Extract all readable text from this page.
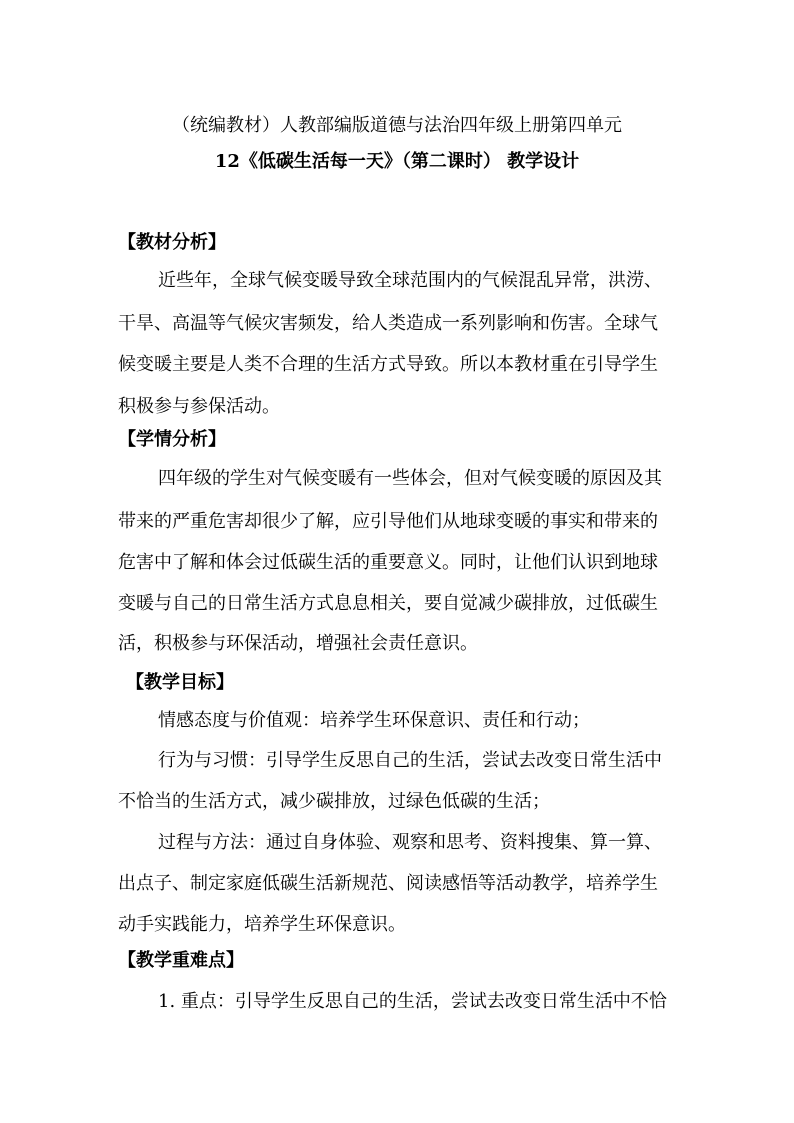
（统编教材）人教部编版道德与法治四年级上册第四单元
12《低碳生活每一天》（第二课时） 教学设计
【教材分析】
近些年，全球气候变暖导致全球范围内的气候混乱异常，洪涝、
干旱、高温等气候灾害频发，给人类造成一系列影响和伤害。全球气
候变暖主要是人类不合理的生活方式导致。所以本教材重在引导学生
积极参与参保活动。
【学情分析】
四年级的学生对气候变暖有一些体会，但对气候变暖的原因及其
带来的严重危害却很少了解，应引导他们从地球变暖的事实和带来的
危害中了解和体会过低碳生活的重要意义。同时，让他们认识到地球
变暖与自己的日常生活方式息息相关，要自觉减少碳排放，过低碳生
活，积极参与环保活动，增强社会责任意识。
【教学目标】
情感态度与价值观：培养学生环保意识、责任和行动；
行为与习惯：引导学生反思自己的生活，尝试去改变日常生活中
不恰当的生活方式，减少碳排放，过绿色低碳的生活；
过程与方法：通过自身体验、观察和思考、资料搜集、算一算、
出点子、制定家庭低碳生活新规范、阅读感悟等活动教学，培养学生
动手实践能力，培养学生环保意识。
【教学重难点】
1. 重点：引导学生反思自己的生活，尝试去改变日常生活中不恰
